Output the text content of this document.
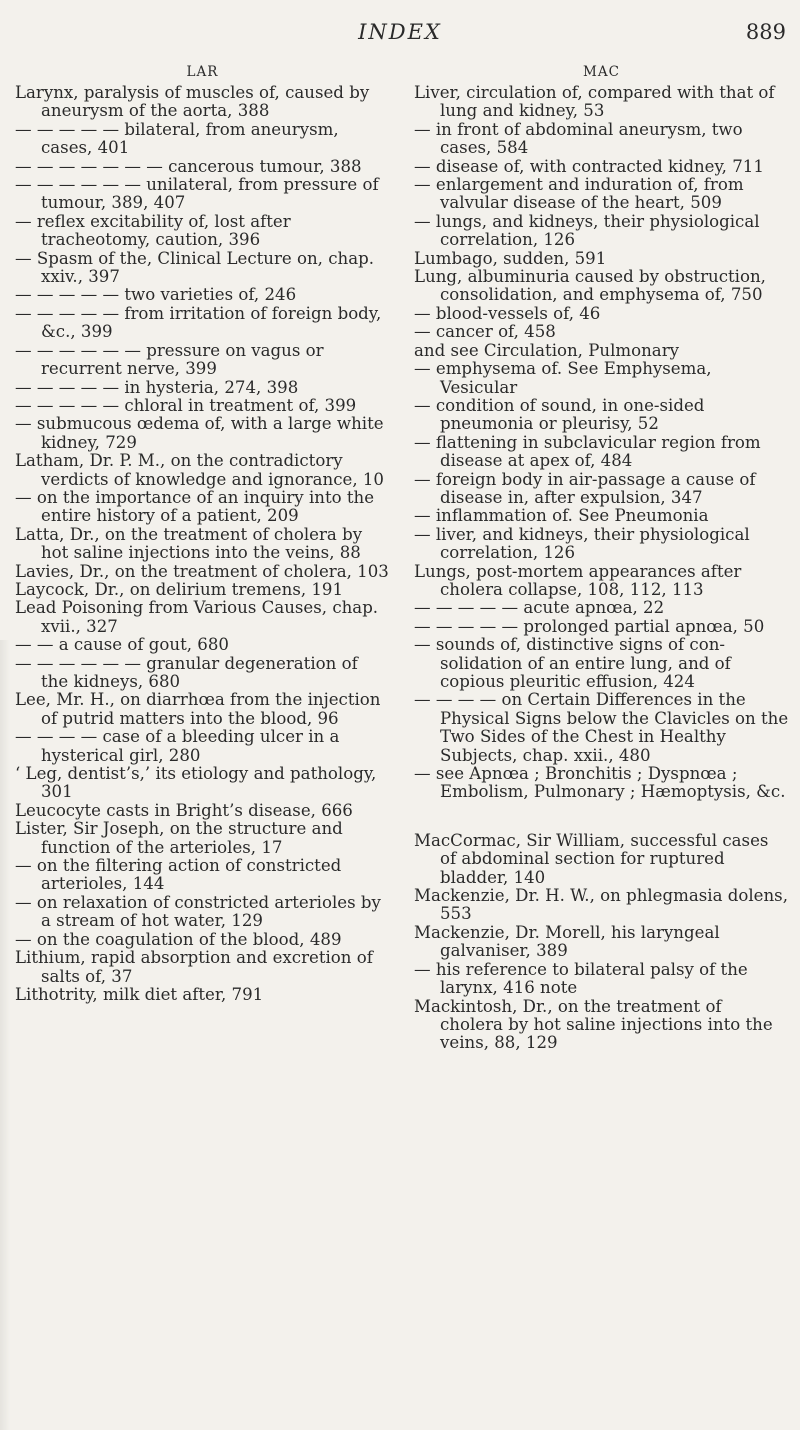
INDEX	889
LAR
Larynx, paralysis of muscles of, caused by aneurysm of the aorta, 388
— — — — — bilateral, from aneurysm, cases, 401
— — — — — — — cancerous tumour, 388
— — — — — — unilateral, from pressure of tumour, 389, 407
— reflex excitability of, lost after tracheotomy, caution, 396
— Spasm of the, Clinical Lecture on, chap. xxiv., 397
— — — — — two varieties of, 246
— — — — — from irritation of foreign body, &c., 399
— — — — — — pressure on vagus or recurrent nerve, 399
— — — — — in hysteria, 274, 398
— — — — — chloral in treatment of, 399
— submucous œdema of, with a large white kidney, 729
Latham, Dr. P. M., on the contradictory verdicts of knowledge and ignorance, 10
— on the importance of an inquiry into the entire history of a patient, 209
Latta, Dr., on the treatment of cholera by hot saline injections into the veins, 88
Lavies, Dr., on the treatment of cholera, 103
Laycock, Dr., on delirium tremens, 191
Lead Poisoning from Various Causes, chap. xvii., 327
— — a cause of gout, 680
— — — — — — granular degeneration of the kidneys, 680
Lee, Mr. H., on diarrhœa from the injection of putrid matters into the blood, 96
— — — — case of a bleeding ulcer in a hysterical girl, 280
‘ Leg, dentist’s,’ its etiology and pathology, 301
Leucocyte casts in Bright’s disease, 666
Lister, Sir Joseph, on the structure and function of the arterioles, 17
— on the filtering action of constricted arterioles, 144
— on relaxation of constricted arterioles by a stream of hot water, 129
— on the coagulation of the blood, 489
Lithium, rapid absorption and excretion of salts of, 37
Lithotrity, milk diet after, 791
MAC
Liver, circulation of, compared with that of lung and kidney, 53
— in front of abdominal aneurysm, two cases, 584
— disease of, with contracted kidney, 711
— enlargement and induration of, from valvular disease of the heart, 509
— lungs, and kidneys, their physiological correlation, 126
Lumbago, sudden, 591
Lung, albuminuria caused by obstruction, consolidation, and emphysema of, 750
— blood-vessels of, 46
— cancer of, 458
and see Circulation, Pulmonary
— emphysema of. See Emphysema, Vesicular
— condition of sound, in one-sided pneumonia or pleurisy, 52
— flattening in subclavicular region from disease at apex of, 484
— foreign body in air-passage a cause of disease in, after expulsion, 347
— inflammation of. See Pneumonia
— liver, and kidneys, their physiological correlation, 126
Lungs, post-mortem appearances after cholera collapse, 108, 112, 113
— — — — — acute apnœa, 22
— — — — — prolonged partial apnœa, 50
— sounds of, distinctive signs of consolidation of an entire lung, and of copious pleuritic effusion, 424
— — — — on Certain Differences in the Physical Signs below the Clavicles on the Two Sides of the Chest in Healthy Subjects, chap. xxii., 480
— see Apnœa ; Bronchitis ; Dyspnœa ; Embolism, Pulmonary ; Hæmoptysis, &c.
MacCormac, Sir William, successful cases of abdominal section for ruptured bladder, 140
Mackenzie, Dr. H. W., on phlegmasia dolens, 553
Mackenzie, Dr. Morell, his laryngeal galvaniser, 389
— his reference to bilateral palsy of the larynx, 416 note
Mackintosh, Dr., on the treatment of cholera by hot saline injections into the veins, 88, 129
